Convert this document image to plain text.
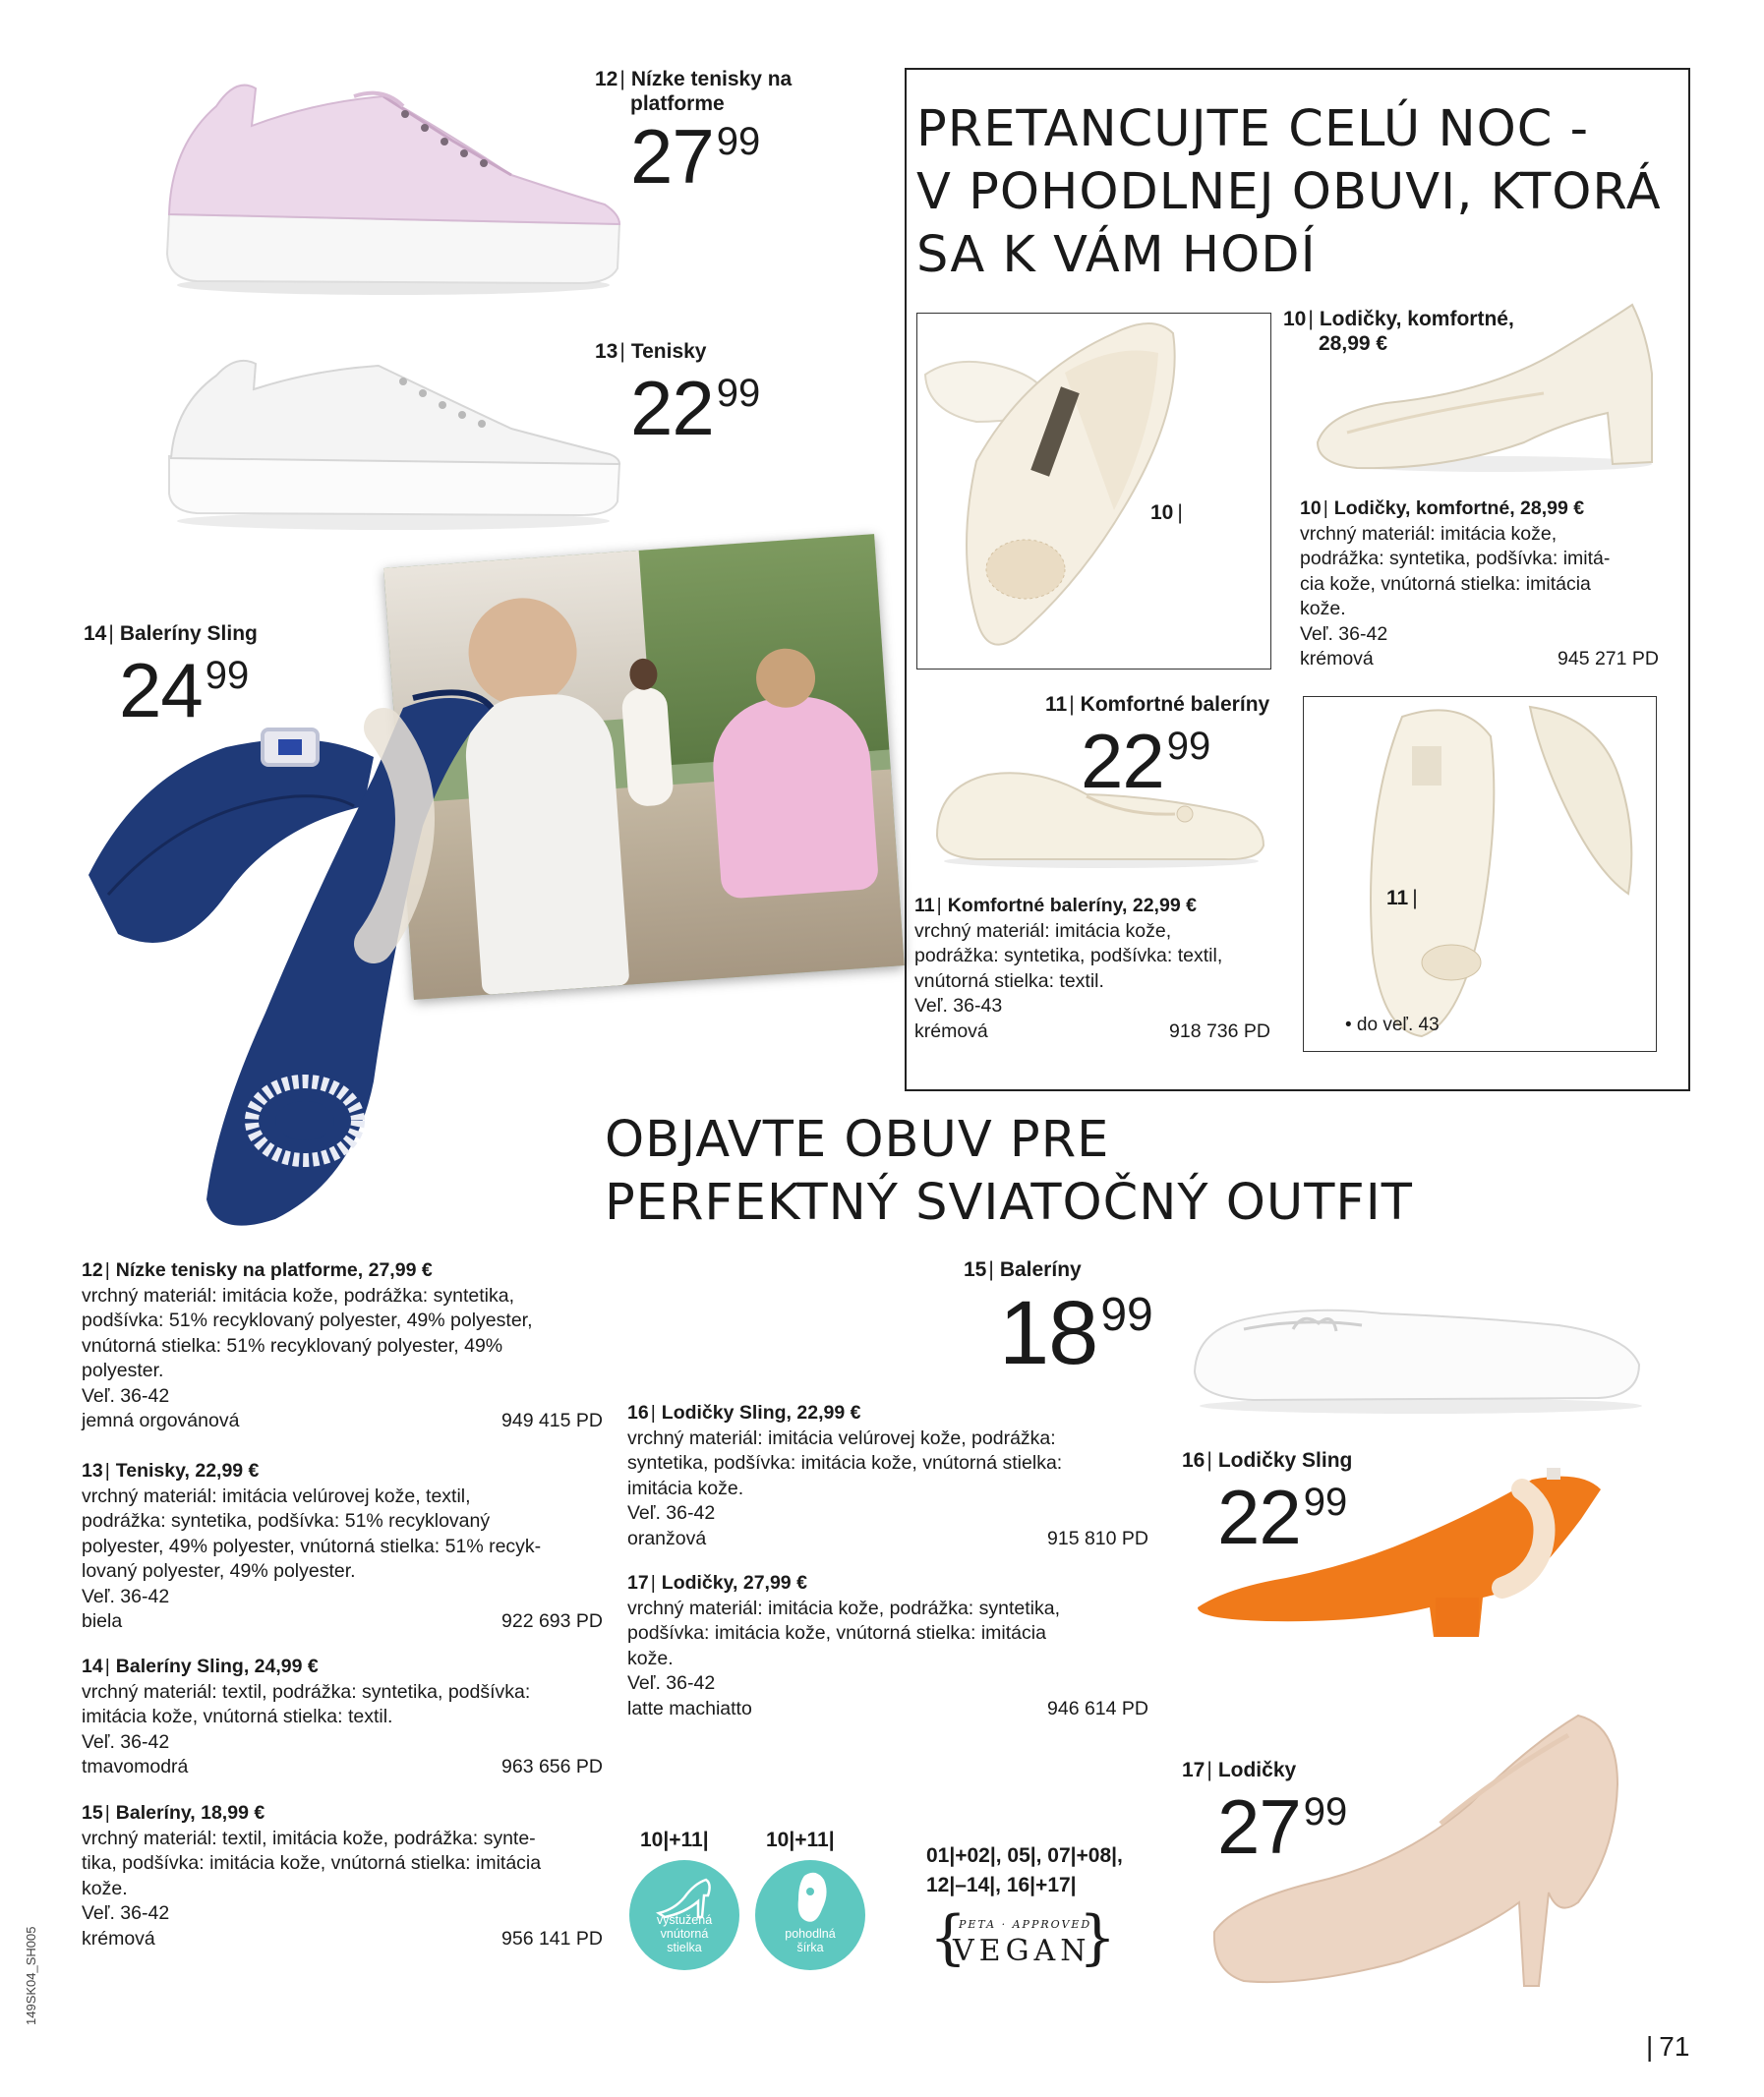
12| Nízke tenisky na
platforme
$27^{99}$
13| Tenisky
$22^{99}$
14| Baleríny Sling
$24^{99}$
PRETANCUJTE CELÚ NOC -
V POHODLNEJ OBUVI, KTORÁ
SA K VÁM HODÍ
10 |
10| Lodičky, komfortné,
28,99 €
10 | Lodičky, komfortné, 28,99 €
vrchný materiál: imitácia kože,
podrážka: syntetika, podšívka: imitá-
cia kože, vnútorná stielka: imitácia
kože.
Veľ. 36-42
krémová	945 271 PD
11| Komfortné baleríny
$22^{99}$
11 | Komfortné baleríny, 22,99 €
vrchný materiál: imitácia kože,
podrážka: syntetika, podšívka: textil,
vnútorná stielka: textil.
Veľ. 36-43
krémová	918 736 PD
11 |
• do veľ. 43
OBJAVTE OBUV PRE
PERFEKTNÝ SVIATOČNÝ OUTFIT
12 | Nízke tenisky na platforme, 27,99 €
vrchný materiál: imitácia kože, podrážka: syntetika,
podšívka: 51% recyklovaný polyester, 49% polyester,
vnútorná stielka: 51% recyklovaný polyester, 49%
polyester.
Veľ. 36-42
jemná orgovánová	949 415 PD
13 | Tenisky, 22,99 €
vrchný materiál: imitácia velúrovej kože, textil,
podrážka: syntetika, podšívka: 51% recyklovaný
polyester, 49% polyester, vnútorná stielka: 51% recyk-
lovaný polyester, 49% polyester.
Veľ. 36-42
biela	922 693 PD
14 | Baleríny Sling, 24,99 €
vrchný materiál: textil, podrážka: syntetika, podšívka:
imitácia kože, vnútorná stielka: textil.
Veľ. 36-42
tmavomodrá	963 656 PD
15 | Baleríny, 18,99 €
vrchný materiál: textil, imitácia kože, podrážka: synte-
tika, podšívka: imitácia kože, vnútorná stielka: imitácia
kože.
Veľ. 36-42
krémová	956 141 PD
16 | Lodičky Sling, 22,99 €
vrchný materiál: imitácia velúrovej kože, podrážka:
syntetika, podšívka: imitácia kože, vnútorná stielka:
imitácia kože.
Veľ. 36-42
oranžová	915 810 PD
17 | Lodičky, 27,99 €
vrchný materiál: imitácia kože, podrážka: syntetika,
podšívka: imitácia kože, vnútorná stielka: imitácia
kože.
Veľ. 36-42
latte machiatto	946 614 PD
15| Baleríny
$18^{99}$
16| Lodičky Sling
$22^{99}$
17| Lodičky
$27^{99}$
10|+11|
vystužená
vnútorná
stielka
10|+11|
pohodlná
šírka
01|+02|, 05|, 07|+08|,
12|–14|, 16|+17|
{
PETA · APPROVED
VEGAN
}
| 71
149SK04_SH005
